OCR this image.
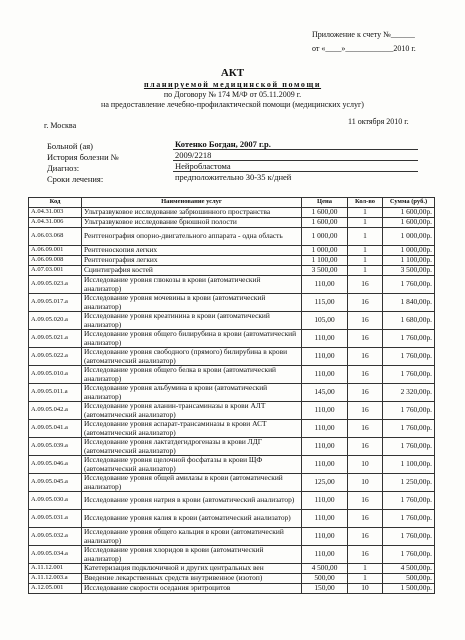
Приложение к счету №______
от «____»____________2010 г.
АКТ
планируемой медицинской помощи
по Договору № 174 М/Ф от 05.11.2009 г.
на предоставление лечебно-профилактической помощи (медицинских услуг)
г. Москва	11 октября 2010 г.
Больной (ая)	Котенко Богдан, 2007 г.р.
История болезни №	2009/2218
Диагноз:	Нейробластома
Сроки лечения:	предположительно 30-35 к/дней
Код	Наименование услуг	Цена	Кол-во	Сумма (руб.)
A.04.31.003	Ультразвуковое исследование забрюшинного пространства	1 600,00	1	1 600,00р.
A.04.31.006	Ультразвуковое исследование брюшной полости	1 600,00	1	1 600,00р.
A.06.03.068	Рентгенография опорно-двигательного аппарата - одна область	1 000,00	1	1 000,00р.
A.06.09.001	Рентгеноскопия легких	1 000,00	1	1 000,00р.
A.06.09.008	Рентгенография легких	1 100,00	1	1 100,00р.
A.07.03.001	Сцинтиграфия костей	3 500,00	1	3 500,00р.
A.09.05.023.a	Исследование уровня глюкозы в крови (автоматический анализатор)	110,00	16	1 760,00р.
A.09.05.017.a	Исследование уровня мочевины в крови (автоматический анализатор)	115,00	16	1 840,00р.
A.09.05.020.a	Исследование уровня креатинина в крови (автоматический анализатор)	105,00	16	1 680,00р.
A.09.05.021.a	Исследование уровня общего билирубина в крови (автоматический анализатор)	110,00	16	1 760,00р.
A.09.05.022.a	Исследование уровня свободного (прямого) билирубина в крови (автоматический анализатор)	110,00	16	1 760,00р.
A.09.05.010.a	Исследование уровня общего белка в крови (автоматический анализатор)	110,00	16	1 760,00р.
A.09.05.011.a	Исследование уровня альбумина в крови (автоматический анализатор)	145,00	16	2 320,00р.
A.09.05.042.a	Исследование уровня аланин-трансаминазы в крови АЛТ (автоматический анализатор)	110,00	16	1 760,00р.
A.09.05.041.a	Исследование уровня аспарат-трансаминазы в крови АСТ (автоматический анализатор)	110,00	16	1 760,00р.
A.09.05.039.a	Исследование уровня лактатдегидрогеназы в крови ЛДГ (автоматический анализатор)	110,00	16	1 760,00р.
A.09.05.046.a	Исследование уровня щелочной фосфатазы в крови ЩФ (автоматический анализатор)	110,00	10	1 100,00р.
A.09.05.045.a	Исследование уровня общей амилазы в крови (автоматический анализатор)	125,00	10	1 250,00р.
A.09.05.030.a	Исследование уровня натрия в крови (автоматический анализатор)	110,00	16	1 760,00р.
A.09.05.031.a	Исследование уровня калия в крови (автоматический анализатор)	110,00	16	1 760,00р.
A.09.05.032.a	Исследование уровня общего кальция в крови (автоматический анализатор)	110,00	16	1 760,00р.
A.09.05.034.a	Исследование уровня хлоридов в крови (автоматический анализатор)	110,00	16	1 760,00р.
A.11.12.001	Катетеризация подключичной и других центральных вен	4 500,00	1	4 500,00р.
A.11.12.003.a	Введение лекарственных средств внутривенное (изотоп)	500,00	1	500,00р.
A.12.05.001	Исследование скорости оседания эритроцитов	150,00	10	1 500,00р.
